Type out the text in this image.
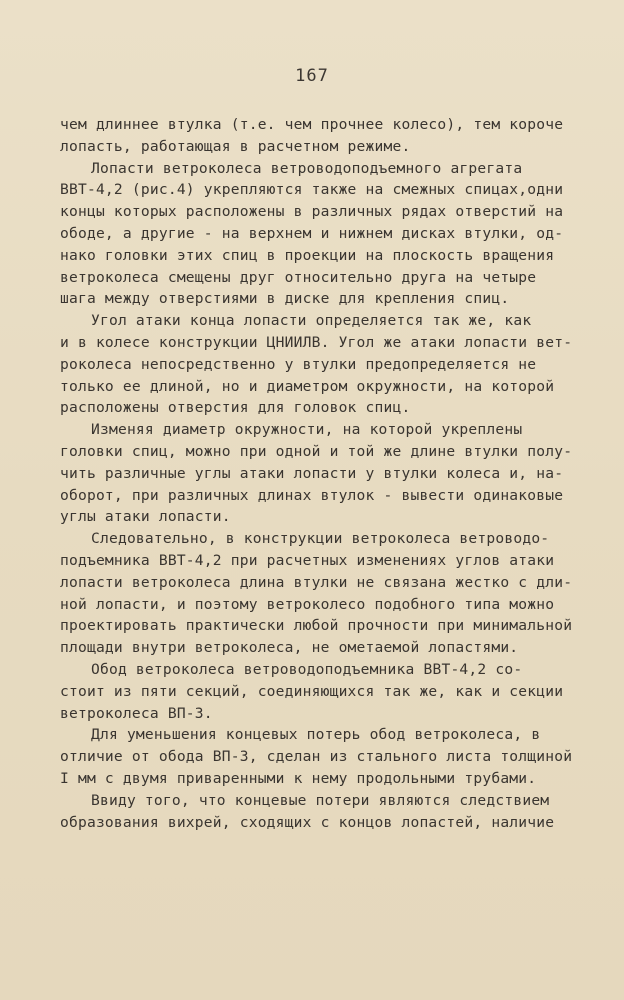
167
чем длиннее втулка (т.е. чем прочнее колесо), тем короче
лопасть, работающая в расчетном режиме.
Лопасти ветроколеса ветроводоподъемного агрегата
ВВТ-4,2 (рис.4) укрепляются также на смежных спицах,одни
концы которых расположены в различных рядах отверстий на
ободе, а другие - на верхнем и нижнем дисках втулки, од-
нако головки этих спиц в проекции на плоскость вращения
ветроколеса смещены друг относительно друга на четыре
шага между отверстиями в диске для крепления спиц.
Угол атаки конца лопасти определяется так же, как
и в колесе конструкции ЦНИИЛВ. Угол же атаки лопасти вет-
роколеса непосредственно у втулки предопределяется не
только ее длиной, но и диаметром окружности, на которой
расположены отверстия для головок спиц.
Изменяя диаметр окружности, на которой укреплены
головки спиц, можно при одной и той же длине втулки полу-
чить различные углы атаки лопасти у втулки колеса и, на-
оборот, при различных длинах втулок - вывести одинаковые
углы атаки лопасти.
Следовательно, в конструкции ветроколеса ветроводо-
подъемника ВВТ-4,2 при расчетных изменениях углов атаки
лопасти ветроколеса длина втулки не связана жестко с дли-
ной лопасти, и поэтому ветроколесо подобного типа можно
проектировать практически любой прочности при минимальной
площади внутри ветроколеса, не ометаемой лопастями.
Обод ветроколеса ветроводоподъемника ВВТ-4,2 со-
стоит из пяти секций, соединяющихся так же, как и секции
ветроколеса ВП-3.
Для уменьшения концевых потерь обод ветроколеса, в
отличие от обода ВП-3, сделан из стального листа толщиной
I мм с двумя приваренными к нему продольными трубами.
Ввиду того, что концевые потери являются следствием
образования вихрей, сходящих с концов лопастей, наличие
